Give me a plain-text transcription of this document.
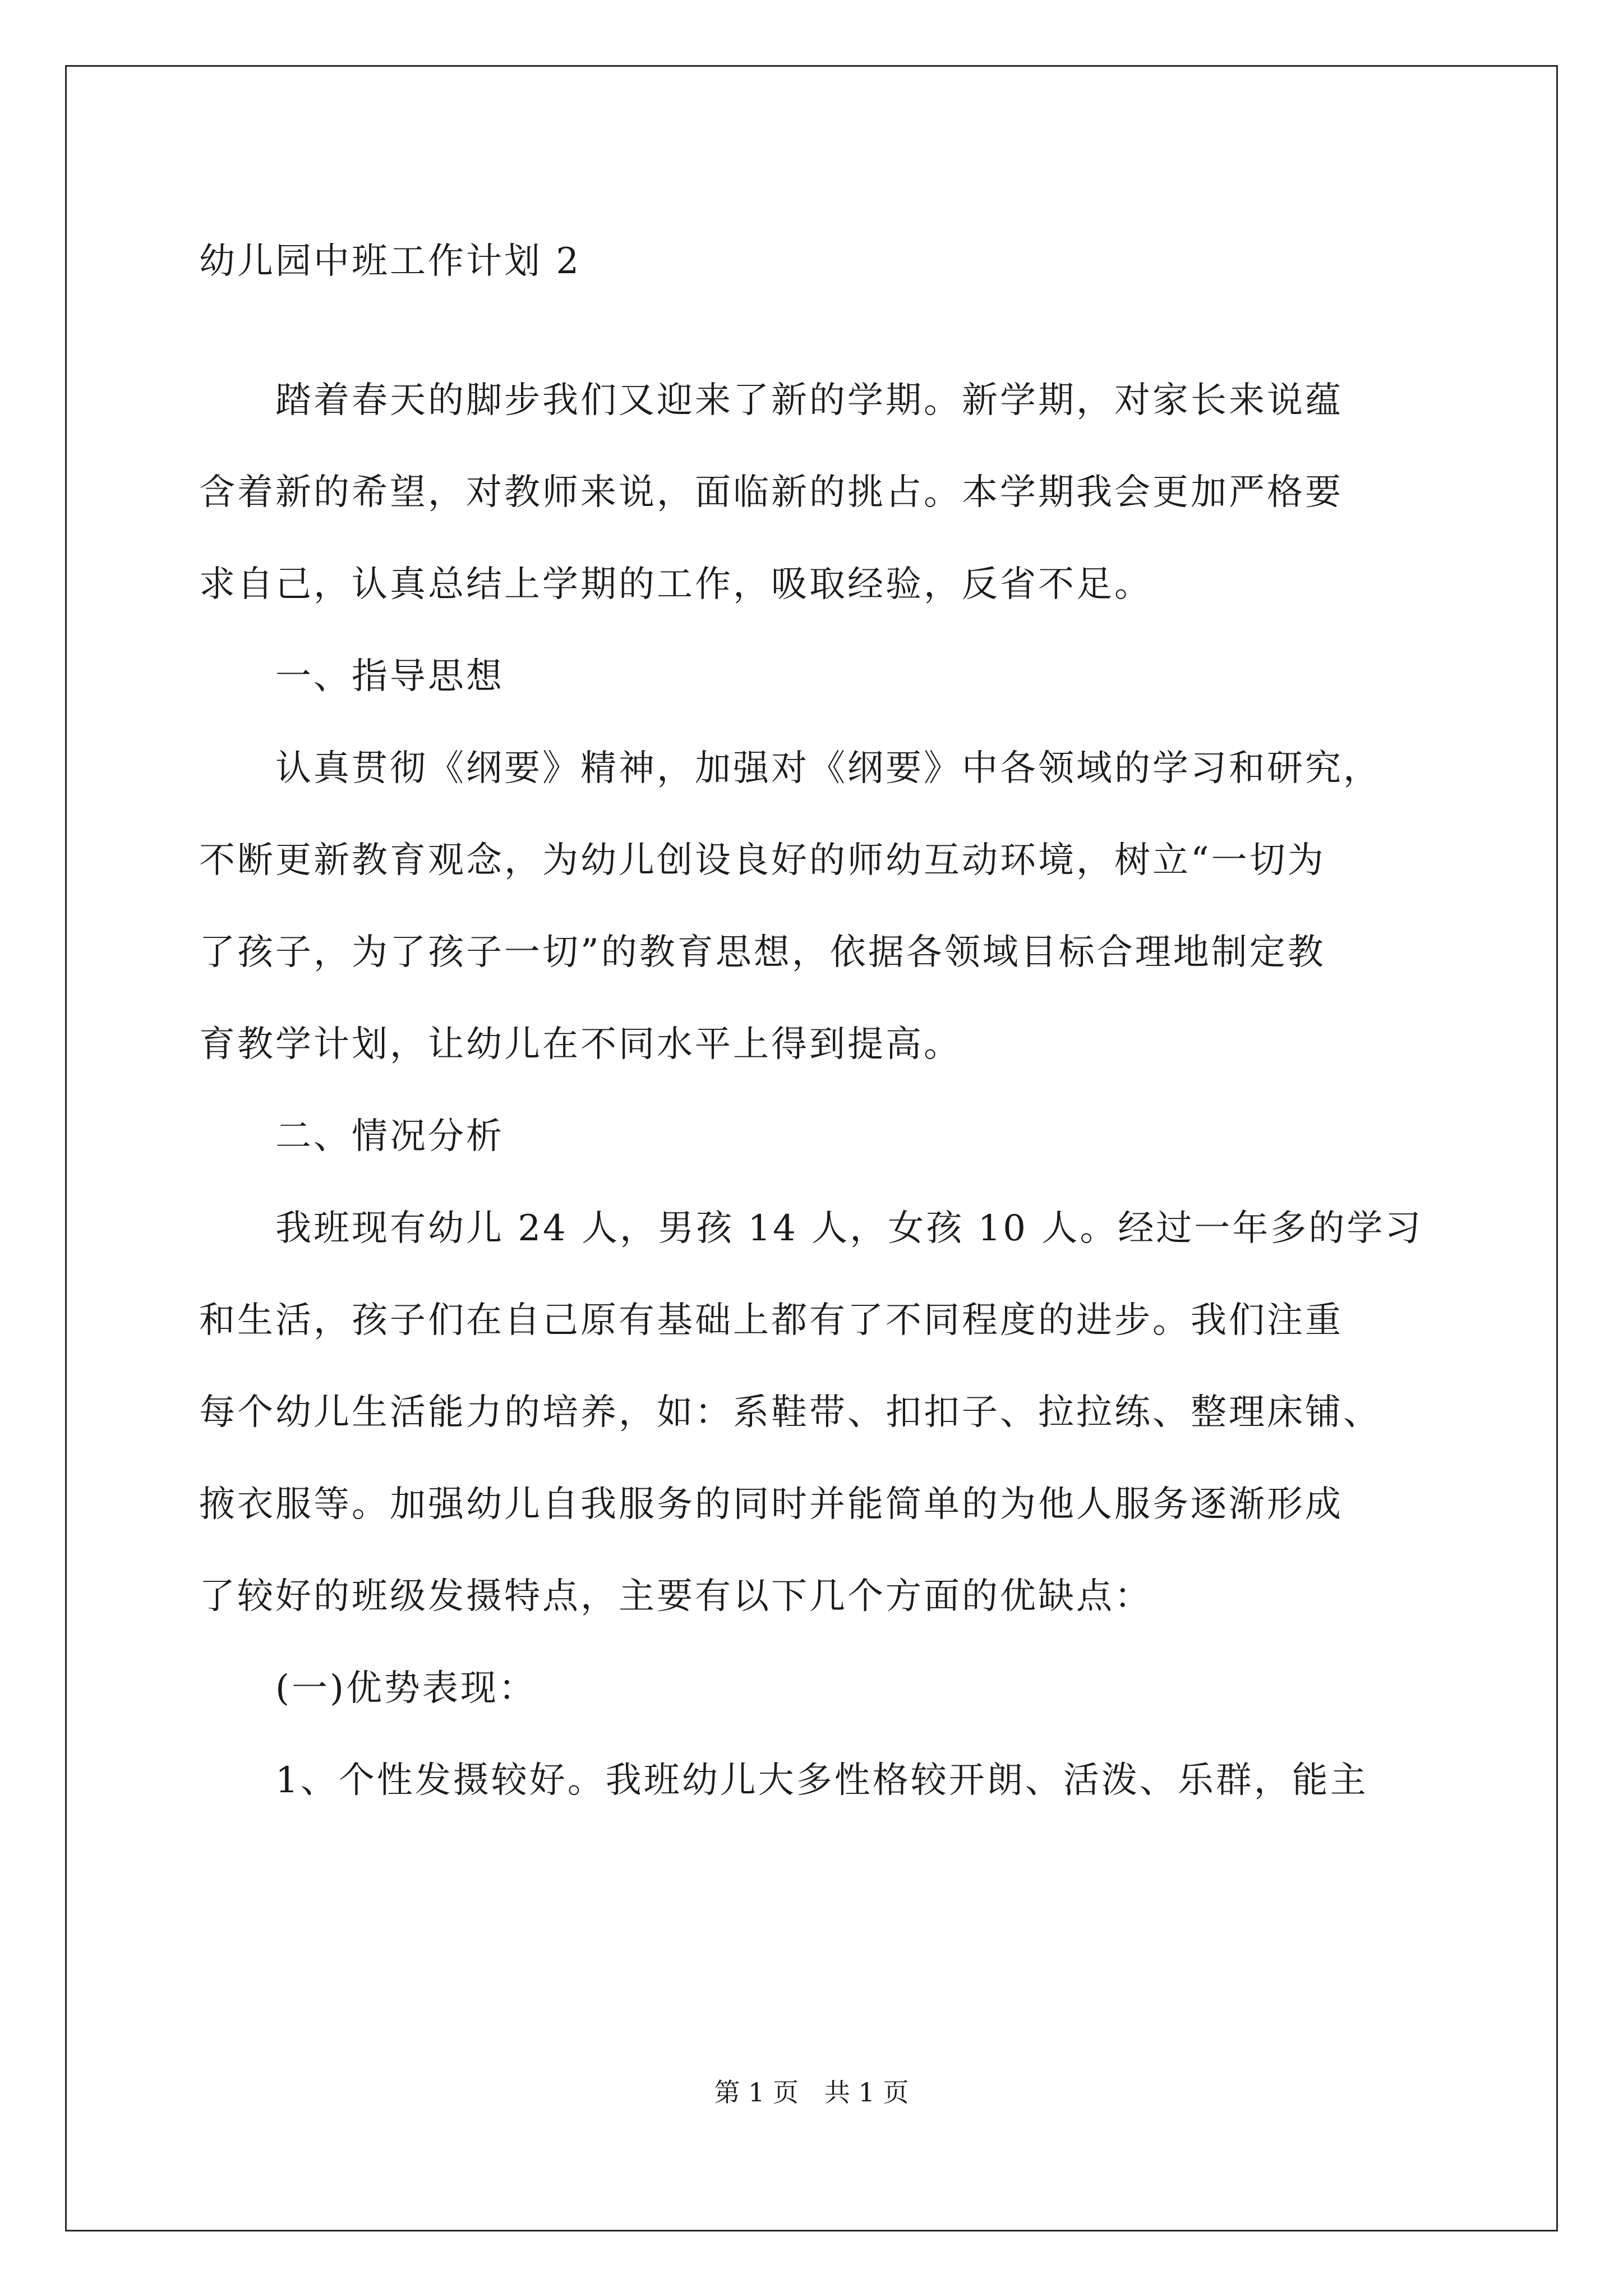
幼儿园中班工作计划 2
　　踏着春天的脚步我们又迎来了新的学期。新学期，对家长来说蕴
含着新的希望，对教师来说，面临新的挑占。本学期我会更加严格要
求自己，认真总结上学期的工作，吸取经验，反省不足。
　　一、指导思想
　　认真贯彻《纲要》精神，加强对《纲要》中各领域的学习和研究，
不断更新教育观念，为幼儿创设良好的师幼互动环境，树立“一切为
了孩子，为了孩子一切”的教育思想，依据各领域目标合理地制定教
育教学计划，让幼儿在不同水平上得到提高。
　　二、情况分析
　　我班现有幼儿 24 人，男孩 14 人，女孩 10 人。经过一年多的学习
和生活，孩子们在自己原有基础上都有了不同程度的进步。我们注重
每个幼儿生活能力的培养，如：系鞋带、扣扣子、拉拉练、整理床铺、
掖衣服等。加强幼儿自我服务的同时并能简单的为他人服务逐渐形成
了较好的班级发摄特点，主要有以下几个方面的优缺点：
　　(一)优势表现：
　　1、个性发摄较好。我班幼儿大多性格较开朗、活泼、乐群，能主
第 1 页　共 1 页
